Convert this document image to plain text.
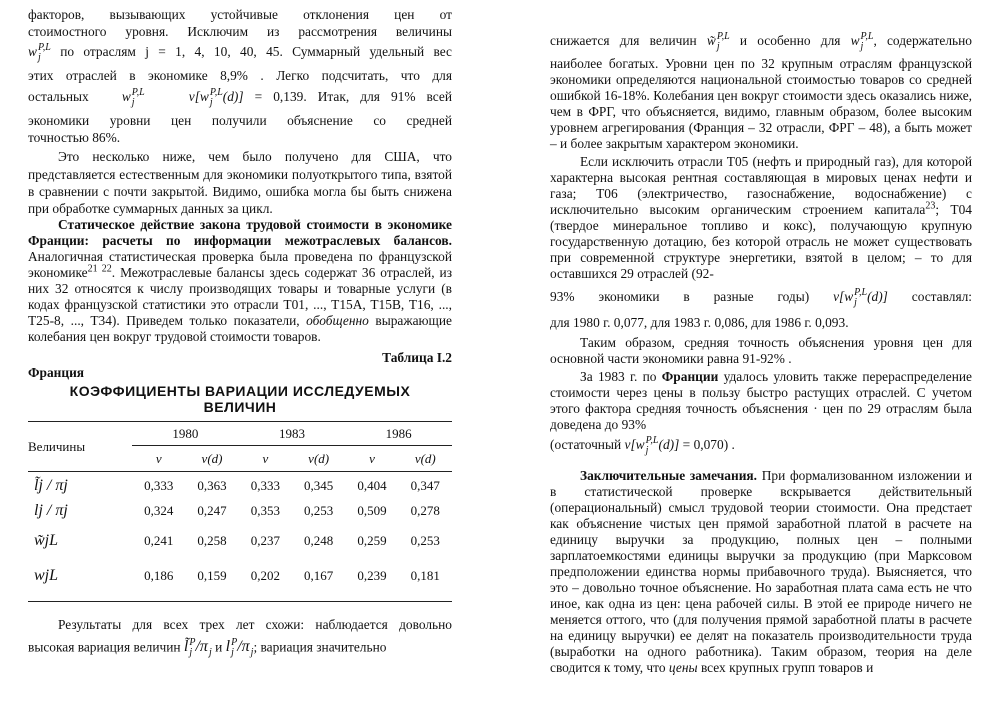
факторов, вызывающих устойчивые отклонения цен от

стоимостного уровня. Исключим из рассмотрения величины

w P,L
j	по отраслям j = 1, 4, 10, 40, 45. Суммарный удельный вес

этих отраслей в экономике 8,9% . Легко подсчитать, что для

остальных w P,L
j	v[w P,L
j (d)] = 0,139. Итак, для 91% всей

экономики уровни цен получили объяснение со средней

точностью 86%.

Это несколько ниже, чем было получено для США, что представляется естественным для экономики полуоткрытого типа, взятой в сравнении с почти закрытой. Видимо, ошибка могла бы быть снижена при обработке суммарных данных за цикл.

Статическое действие закона трудовой стоимости в экономике Франции: расчеты по информации межотраслевых балансов. Аналогичная статистическая проверка была проведена по французской экономике$^{21 22}$. Межотраслевые балансы здесь содержат 36 отраслей, из них 32 относятся к числу производящих товары и товарные услуги (в кодах французской статистики это отрасли T01, ..., T15A, T15B, T16, ..., T25-8, ..., T34). Приведем только показатели, обобщенно выражающие колебания цен вокруг трудовой стоимости товаров.

Таблица I.2
Франция
КОЭФФИЦИЕНТЫ ВАРИАЦИИ ИССЛЕДУЕМЫХ
ВЕЛИЧИН
Величины	1980		1983		1986	
	v	v(d)	v	v(d)	v	v(d)
l̃j / πj	0,333	0,363	0,333	0,345	0,404	0,347
lj / πj	0,324	0,247	0,353	0,253	0,509	0,278
w̃jL	0,241	0,258	0,237	0,248	0,259	0,253
wjL	0,186	0,159	0,202	0,167	0,239	0,181

Результаты для всех трех лет схожи: наблюдается довольно

высокая вариация величин l̃ P
j /π
j и l P
j /π
j ; вариация значительно

снижается для величин w̃ P,L
j	и особенно для w P,L
j , содержательно

наиболее богатых. Уровни цен по 32 крупным отраслям французской экономики определяются национальной стоимостью товаров со средней ошибкой 16-18%. Колебания цен вокруг стоимости здесь оказались ниже, чем в ФРГ, что объясняется, видимо, главным образом, более высоким уровнем агрегирования (Франция – 32 отрасли, ФРГ – 48), а быть может – и более закрытым характером экономики.

Если исключить отрасли T05 (нефть и природный газ), для которой характерна высокая рентная составляющая в мировых ценах нефти и газа; T06 (электричество, газоснабжение, водоснабжение) с исключительно высоким органическим строением капитала$^{23}$; T04 (твердое минеральное топливо и кокс), получающую крупную государственную дотацию, без которой отрасль не может существовать при современной структуре энергетики, взятой в целом; – то для оставшихся 29 отраслей (92-

93% экономики в разные годы) v[w P,L
j (d)] составлял:

для 1980 г. 0,077, для 1983 г. 0,086, для 1986 г. 0,093.

Таким образом, средняя точность объяснения уровня цен для основной части экономики равна 91-92% .

За 1983 г. по Франции удалось уловить также перераспределение стоимости через цены в пользу быстро растущих отраслей. С учетом этого фактора средняя точность объяснения · цен по 29 отраслям была доведена до 93%

(остаточный v[w P,L
j (d)] = 0,070) .

Заключительные замечания. При формализованном изложении и в статистической проверке вскрывается действительный (операциональный) смысл трудовой теории стоимости. Она предстает как объяснение чистых цен прямой заработной платой в расчете на единицу выручки за продукцию, полных цен – полными зарплатоемкостями единицы выручки за продукцию (при Марксовом предположении единства нормы прибавочного труда). Выясняется, что это – довольно точное объяснение. Но заработная плата сама есть не что иное, как одна из цен: цена рабочей силы. В этой ее природе ничего не меняется оттого, что (для получения прямой заработной платы в расчете на единицу выручки) ее делят на показатель производительности труда (выработки на одного работника). Таким образом, теория на деле сводится к тому, что цены всех крупных групп товаров и
